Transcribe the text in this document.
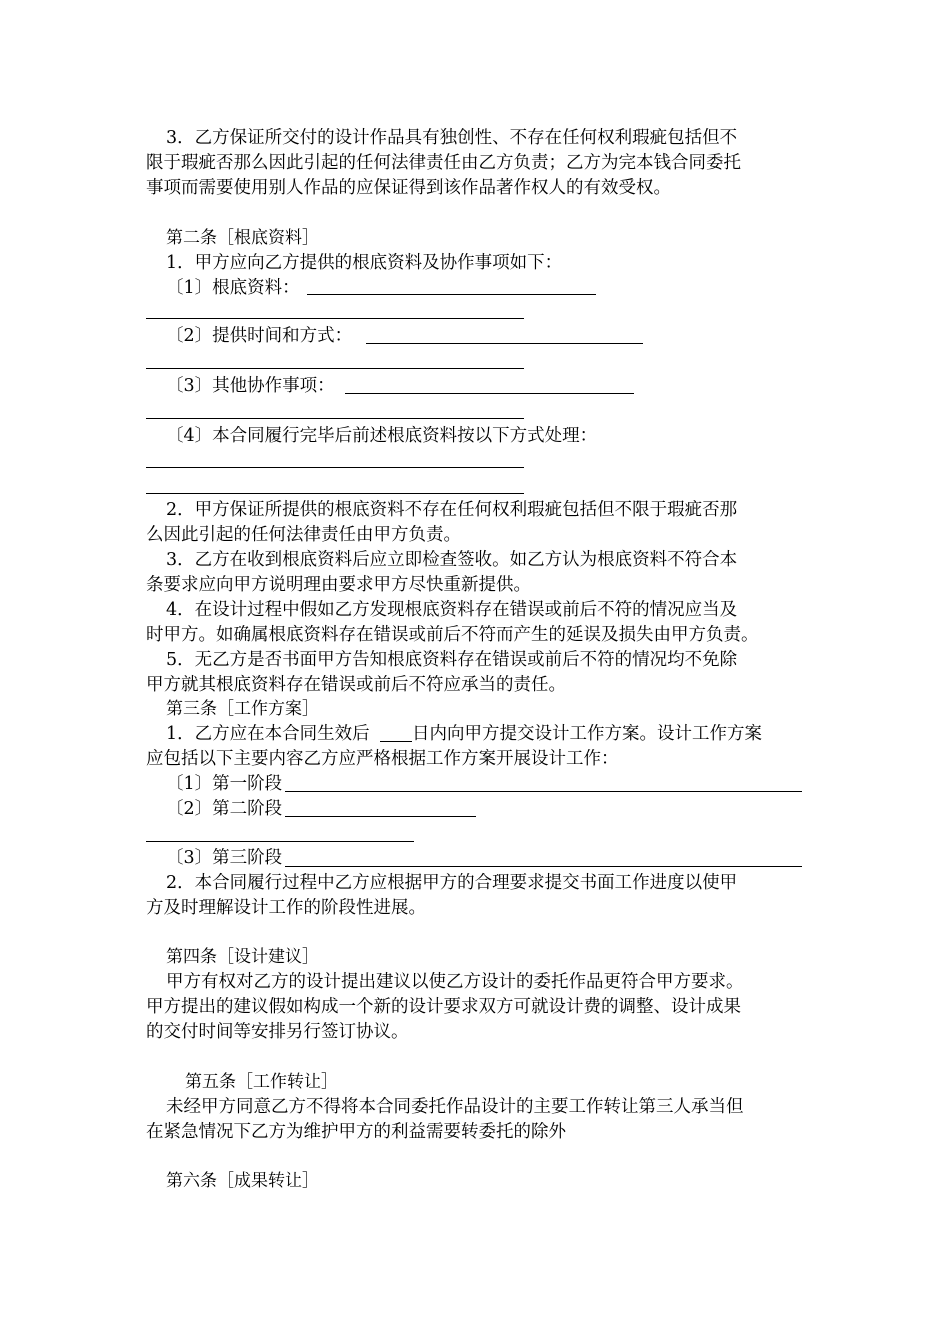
3．乙方保证所交付的设计作品具有独创性、不存在任何权利瑕疵包括但不
限于瑕疵否那么因此引起的任何法律责任由乙方负责；乙方为完本钱合同委托
事项而需要使用别人作品的应保证得到该作品著作权人的有效受权。
第二条［根底资料］
1．甲方应向乙方提供的根底资料及协作事项如下：
〔1〕根底资料：
〔2〕提供时间和方式：
〔3〕其他协作事项：
〔4〕本合同履行完毕后前述根底资料按以下方式处理：
2．甲方保证所提供的根底资料不存在任何权利瑕疵包括但不限于瑕疵否那
么因此引起的任何法律责任由甲方负责。
3．乙方在收到根底资料后应立即检查签收。如乙方认为根底资料不符合本
条要求应向甲方说明理由要求甲方尽快重新提供。
4．在设计过程中假如乙方发现根底资料存在错误或前后不符的情况应当及
时甲方。如确属根底资料存在错误或前后不符而产生的延误及损失由甲方负责。
5．无乙方是否书面甲方告知根底资料存在错误或前后不符的情况均不免除
甲方就其根底资料存在错误或前后不符应承当的责任。
第三条［工作方案］
1．乙方应在本合同生效后 日内向甲方提交设计工作方案。设计工作方案
应包括以下主要内容乙方应严格根据工作方案开展设计工作：
〔1〕第一阶段
〔2〕第二阶段
〔3〕第三阶段
2．本合同履行过程中乙方应根据甲方的合理要求提交书面工作进度以使甲
方及时理解设计工作的阶段性进展。
第四条［设计建议］
甲方有权对乙方的设计提出建议以使乙方设计的委托作品更符合甲方要求。
甲方提出的建议假如构成一个新的设计要求双方可就设计费的调整、设计成果
的交付时间等安排另行签订协议。
第五条［工作转让］
未经甲方同意乙方不得将本合同委托作品设计的主要工作转让第三人承当但
在紧急情况下乙方为维护甲方的利益需要转委托的除外
第六条［成果转让］
